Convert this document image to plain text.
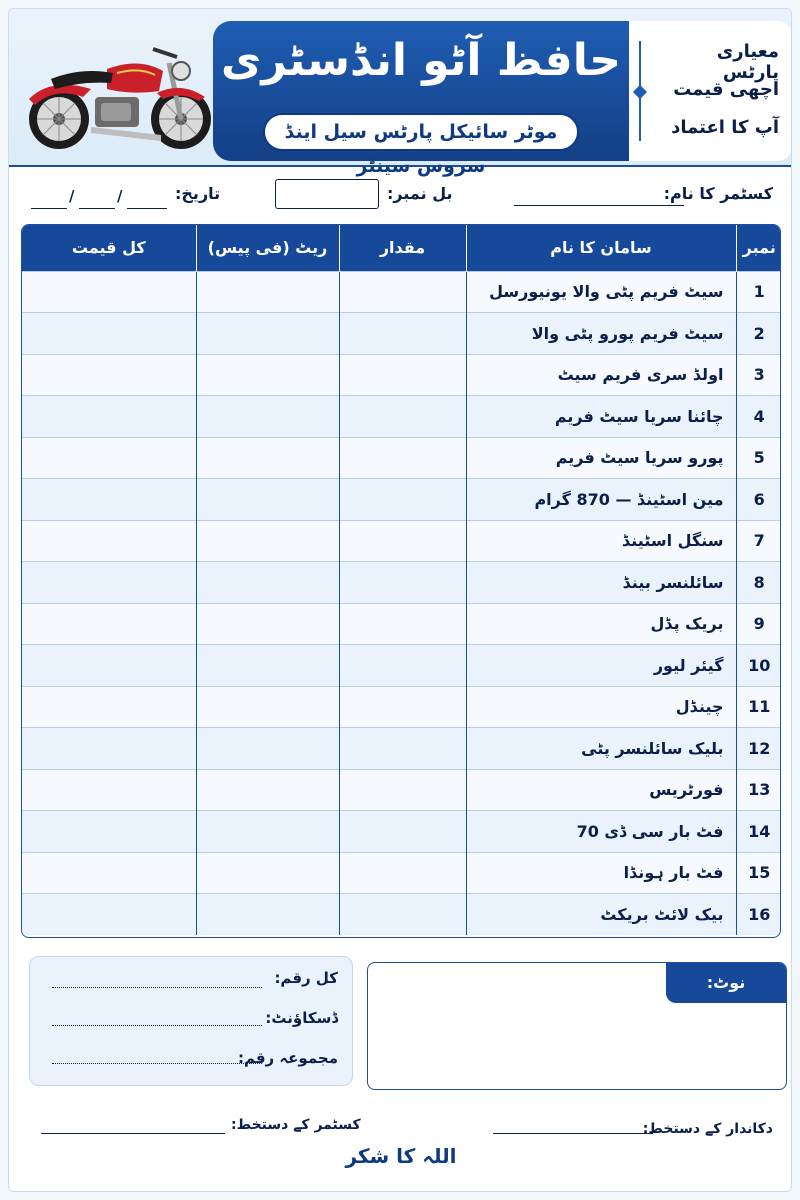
حافظ آٹو انڈسٹری
موٹر سائیکل پارٹس سیل اینڈ سروس سینٹر
معیاری پارٹس
اچھی قیمت
آپ کا اعتماد
کسٹمر کا نام:
بل نمبر:
تاریخ:
/	/
نمبر	سامان کا نام	مقدار	ریٹ (فی پیس)	کل قیمت
1	سیٹ فریم پٹی والا یونیورسل			
2	سیٹ فریم پورو پٹی والا			
3	اولڈ سری فریم سیٹ			
4	چائنا سریا سیٹ فریم			
5	پورو سریا سیٹ فریم			
6	مین اسٹینڈ — 870 گرام			
7	سنگل اسٹینڈ			
8	سائلنسر بینڈ			
9	بریک پڈل			
10	گیئر لیور			
11	چینڈل			
12	بلیک سائلنسر پٹی			
13	فورٹریس			
14	فٹ بار سی ڈی 70			
15	فٹ بار ہونڈا			
16	بیک لائٹ بریکٹ			
کل رقم:
ڈسکاؤنٹ:
مجموعہ رقم:
نوٹ:
دکاندار کے دستخط:
کسٹمر کے دستخط:
اللہ کا شکر
